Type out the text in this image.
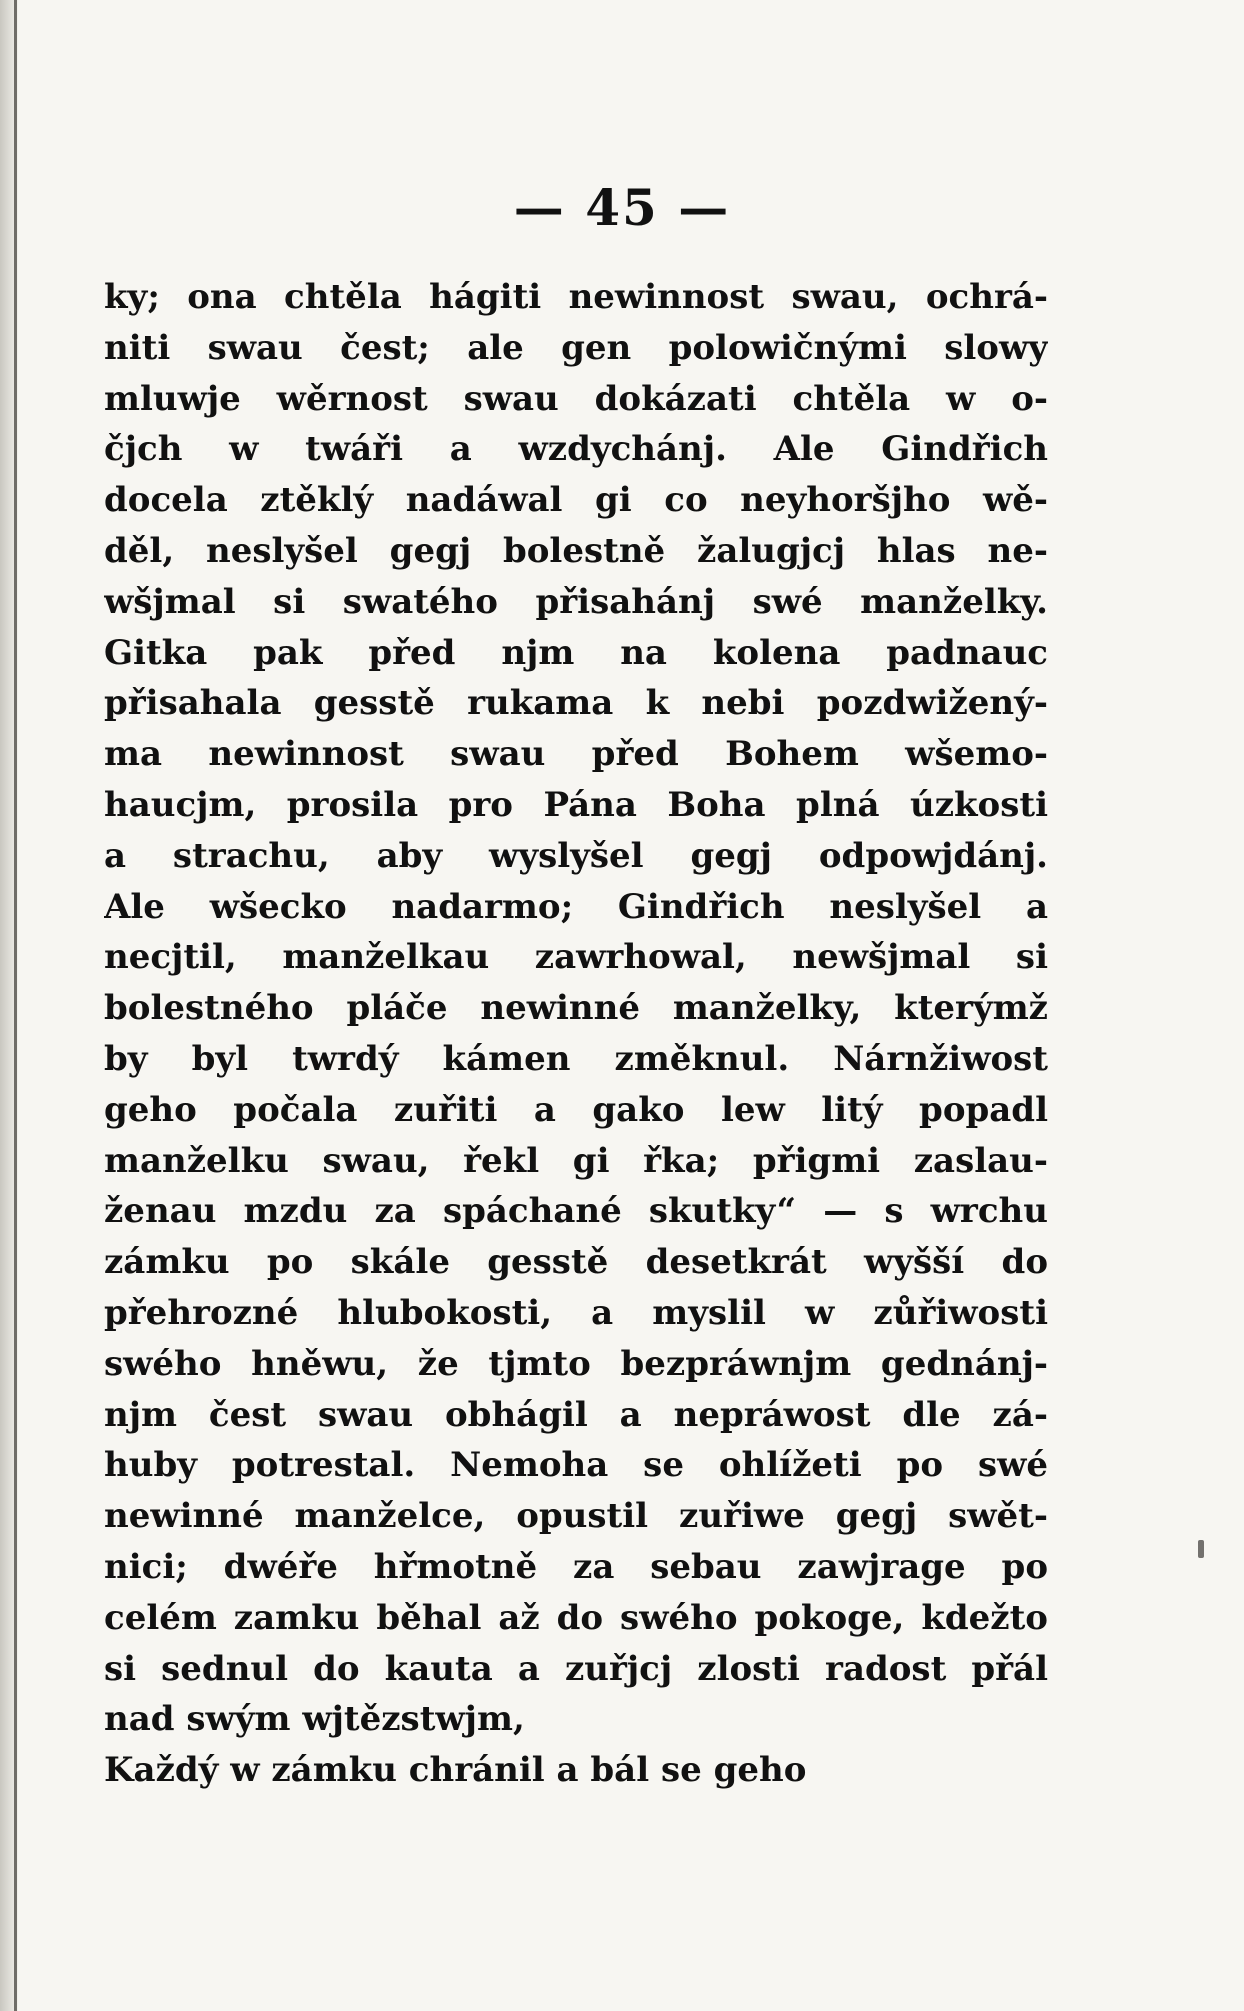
— 45 —
ky; ona chtěla hágiti newinnost swau, ochrá-
niti swau čest; ale gen polowičnými slowy
mluwje wěrnost swau dokázati chtěla w o-
čjch w twáři a wzdychánj. Ale Gindřich
docela ztěklý nadáwal gi co neyhoršjho wě-
děl, neslyšel gegj bolestně žalugjcj hlas ne-
wšjmal si swatého přisahánj swé manželky.
Gitka pak před njm na kolena padnauc
přisahala gesstě rukama k nebi pozdwižený-
ma newinnost swau před Bohem wšemo-
haucjm, prosila pro Pána Boha plná úzkosti
a strachu, aby wyslyšel gegj odpowjdánj.
Ale wšecko nadarmo; Gindřich neslyšel a
necjtil, manželkau zawrhowal, newšjmal si
bolestného pláče newinné manželky, kterýmž
by byl twrdý kámen změknul. Nárnžiwost
geho počala zuřiti a gako lew litý popadl
manželku swau, řekl gi řka; přigmi zaslau-
ženau mzdu za spáchané skutky“ — s wrchu
zámku po skále gesstě desetkrát wyšší do
přehrozné hlubokosti, a myslil w zůřiwosti
swého hněwu, že tjmto bezpráwnjm gednánj-
njm čest swau obhágil a nepráwost dle zá-
huby potrestal. Nemoha se ohlížeti po swé
newinné manželce, opustil zuřiwe gegj swět-
nici; dwéře hřmotně za sebau zawjrage po
celém zamku běhal až do swého pokoge, kdežto
si sednul do kauta a zuřjcj zlosti radost přál
nad swým wjtězstwjm,
Každý w zámku chránil a bál se geho
